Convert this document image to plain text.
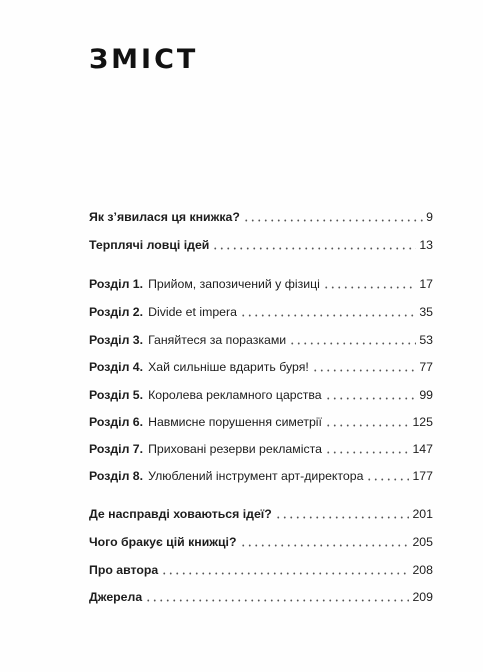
ЗМІСТ
Як з’явилася ця книжка?	9
Терплячі ловці ідей	13
Розділ 1. Прийом, запозичений у фізиці	17
Розділ 2. Divide et impera	35
Розділ 3. Ганяйтеся за поразками	53
Розділ 4. Хай сильніше вдарить буря!	77
Розділ 5. Королева рекламного царства	99
Розділ 6. Навмисне порушення симетрії	125
Розділ 7. Приховані резерви рекламіста	147
Розділ 8. Улюблений інструмент арт-директора	177
Де насправді ховаються ідеї?	201
Чого бракує цій книжці?	205
Про автора	208
Джерела	209
